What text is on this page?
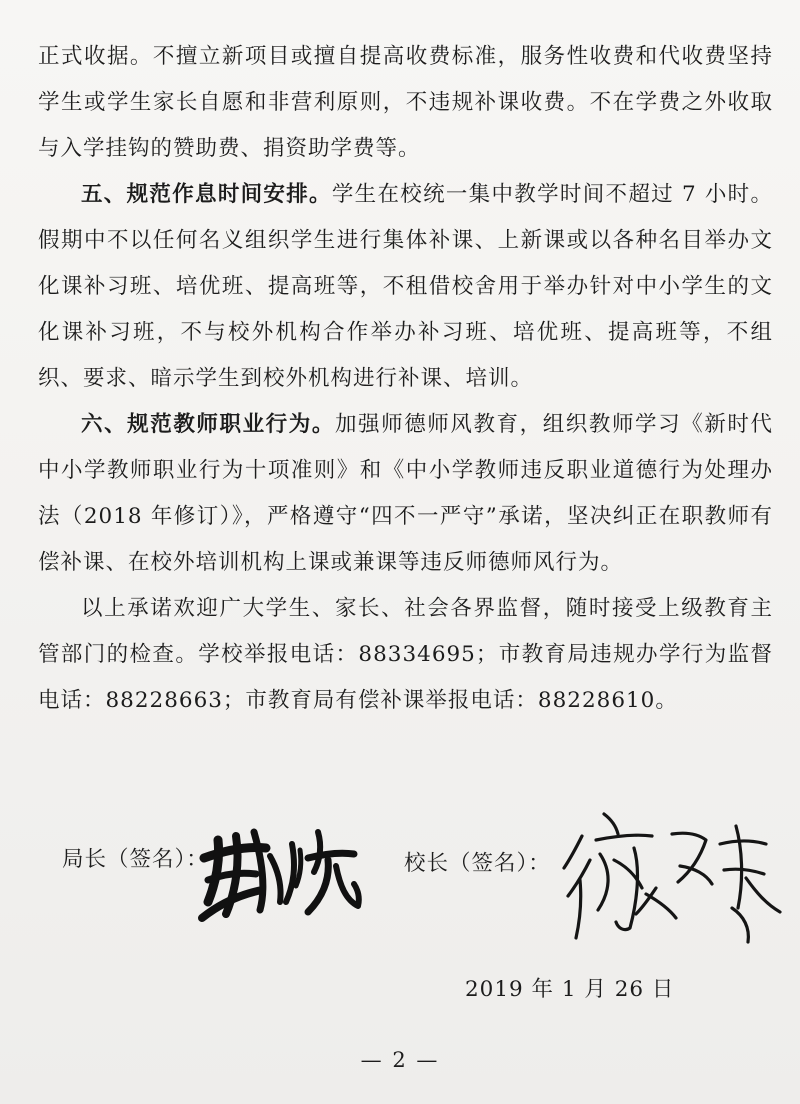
正式收据。不擅立新项目或擅自提高收费标准，服务性收费和代收费坚持学生或学生家长自愿和非营利原则，不违规补课收费。不在学费之外收取与入学挂钩的赞助费、捐资助学费等。

五、规范作息时间安排。学生在校统一集中教学时间不超过 7 小时。假期中不以任何名义组织学生进行集体补课、上新课或以各种名目举办文化课补习班、培优班、提高班等，不租借校舍用于举办针对中小学生的文化课补习班，不与校外机构合作举办补习班、培优班、提高班等，不组织、要求、暗示学生到校外机构进行补课、培训。

六、规范教师职业行为。加强师德师风教育，组织教师学习《新时代中小学教师职业行为十项准则》和《中小学教师违反职业道德行为处理办法（2018 年修订）》，严格遵守“四不一严守”承诺，坚决纠正在职教师有偿补课、在校外培训机构上课或兼课等违反师德师风行为。

以上承诺欢迎广大学生、家长、社会各界监督，随时接受上级教育主管部门的检查。学校举报电话：88334695；市教育局违规办学行为监督电话：88228663；市教育局有偿补课举报电话：88228610。

局长（签名）：	校长（签名）：
2019 年 1 月 26 日
— 2 —
